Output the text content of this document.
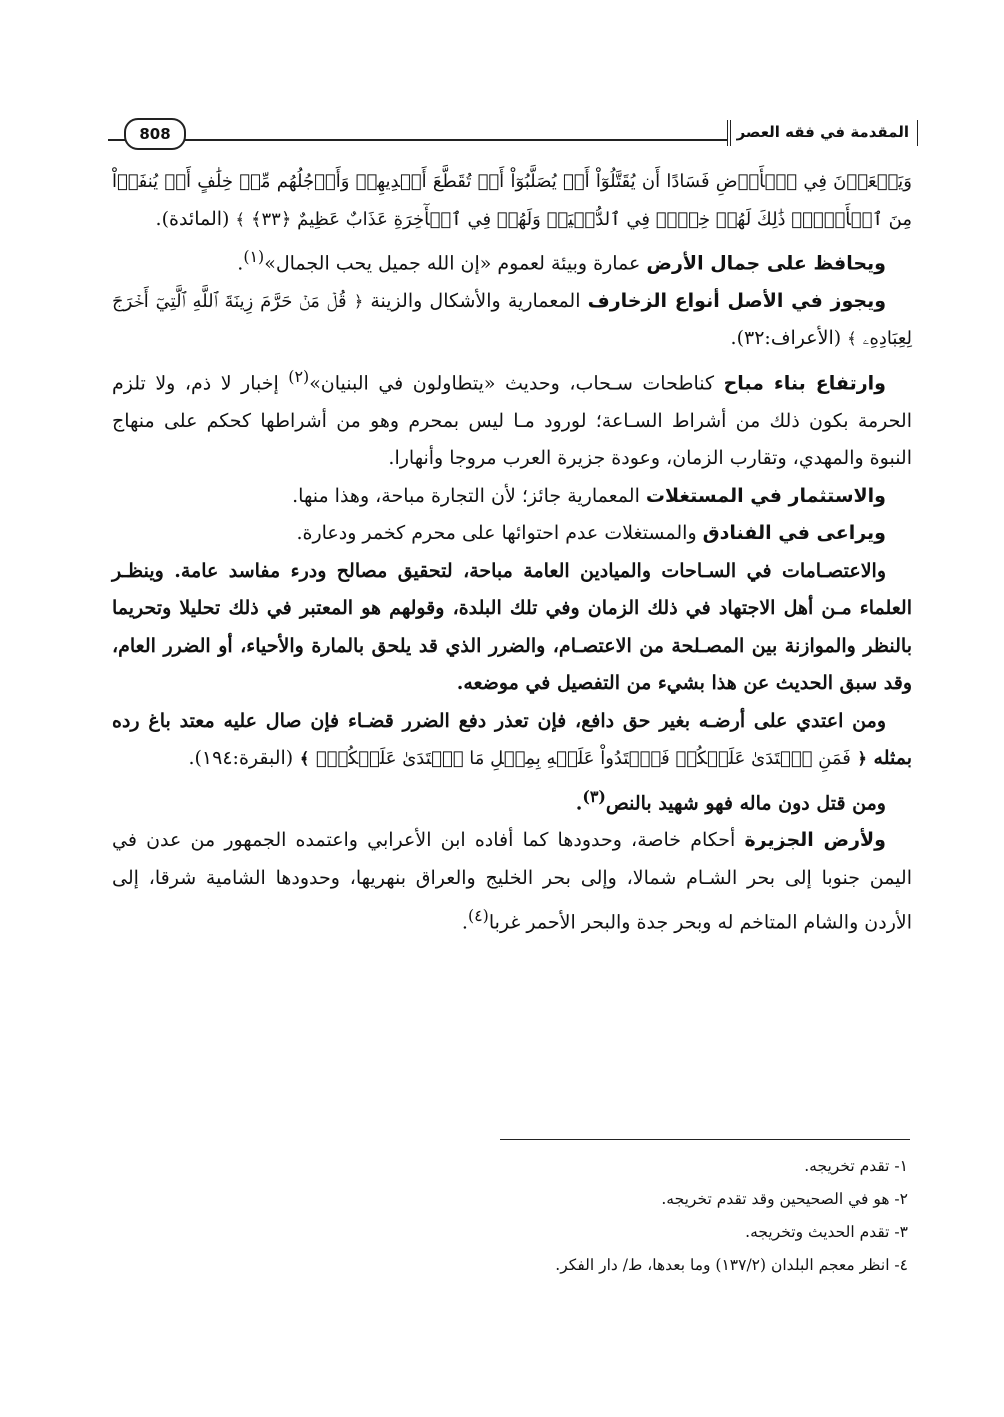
المقدمة في فقه العصر
808

وَيَسۡعَوۡنَ فِي ٱلۡأَرۡضِ فَسَادًا أَن يُقَتَّلُوٓاْ أَوۡ يُصَلَّبُوٓاْ أَوۡ تُقَطَّعَ أَيۡدِيهِمۡ وَأَرۡجُلُهُم مِّنۡ خِلَٰفٍ أَوۡ يُنفَوۡاْ مِنَ ٱلۡأَرۡضِۚ ذَٰلِكَ لَهُمۡ خِزۡيٞ فِي ٱلدُّنۡيَاۖ وَلَهُمۡ فِي ٱلۡأٓخِرَةِ عَذَابٌ عَظِيمٌ ﴿٣٣﴾ ﴾ (المائدة).

ويحافظ على جمال الأرض عمارة وبيئة لعموم «إن الله جميل يحب الجمال»$^{(١)}$.

ويجوز في الأصل أنواع الزخارف المعمارية والأشكال والزينة ﴿ قُلۡ مَنۡ حَرَّمَ زِينَةَ ٱللَّهِ ٱلَّتِيٓ أَخۡرَجَ لِعِبَادِهِۦ ﴾ (الأعراف:٣٢).

وارتفاع بناء مباح كناطحات سـحاب، وحديث «يتطاولون في البنيان»$^{(٢)}$ إخبار لا ذم، ولا تلزم الحرمة بكون ذلك من أشراط السـاعة؛ لورود مـا ليس بمحرم وهو من أشراطها كحكم على منهاج النبوة والمهدي، وتقارب الزمان، وعودة جزيرة العرب مروجا وأنهارا.

والاستثمار في المستغلات المعمارية جائز؛ لأن التجارة مباحة، وهذا منها.

ويراعى في الفنادق والمستغلات عدم احتوائها على محرم كخمر ودعارة.

والاعتصـامات في السـاحات والميادين العامة مباحة، لتحقيق مصالح ودرء مفاسد عامة. وينظـر العلماء مـن أهل الاجتهاد في ذلك الزمان وفي تلك البلدة، وقولهم هو المعتبر في ذلك تحليلا وتحريما بالنظر والموازنة بين المصـلحة من الاعتصـام، والضرر الذي قد يلحق بالمارة والأحياء، أو الضرر العام، وقد سبق الحديث عن هذا بشيء من التفصيل في موضعه.

ومن اعتدي على أرضـه بغير حق دافع، فإن تعذر دفع الضرر قضـاء فإن صال عليه معتد باغ رده بمثله ﴿ فَمَنِ ٱعۡتَدَىٰ عَلَيۡكُمۡ فَٱعۡتَدُواْ عَلَيۡهِ بِمِثۡلِ مَا ٱعۡتَدَىٰ عَلَيۡكُمۡۚ ﴾ (البقرة:١٩٤).

ومن قتل دون ماله فهو شهيد بالنص$^{(٣)}$.

ولأرض الجزيرة أحكام خاصة، وحدودها كما أفاده ابن الأعرابي واعتمده الجمهور من عدن في اليمن جنوبا إلى بحر الشـام شمالا، وإلى بحر الخليج والعراق بنهريها، وحدودها الشامية شرقا، إلى الأردن والشام المتاخم له وبحر جدة والبحر الأحمر غربا$^{(٤)}$.

١- تقدم تخريجه.

٢- هو في الصحيحين وقد تقدم تخريجه.

٣- تقدم الحديث وتخريجه.

٤- انظر معجم البلدان (١٣٧/٢) وما بعدها، ط/ دار الفكر.
